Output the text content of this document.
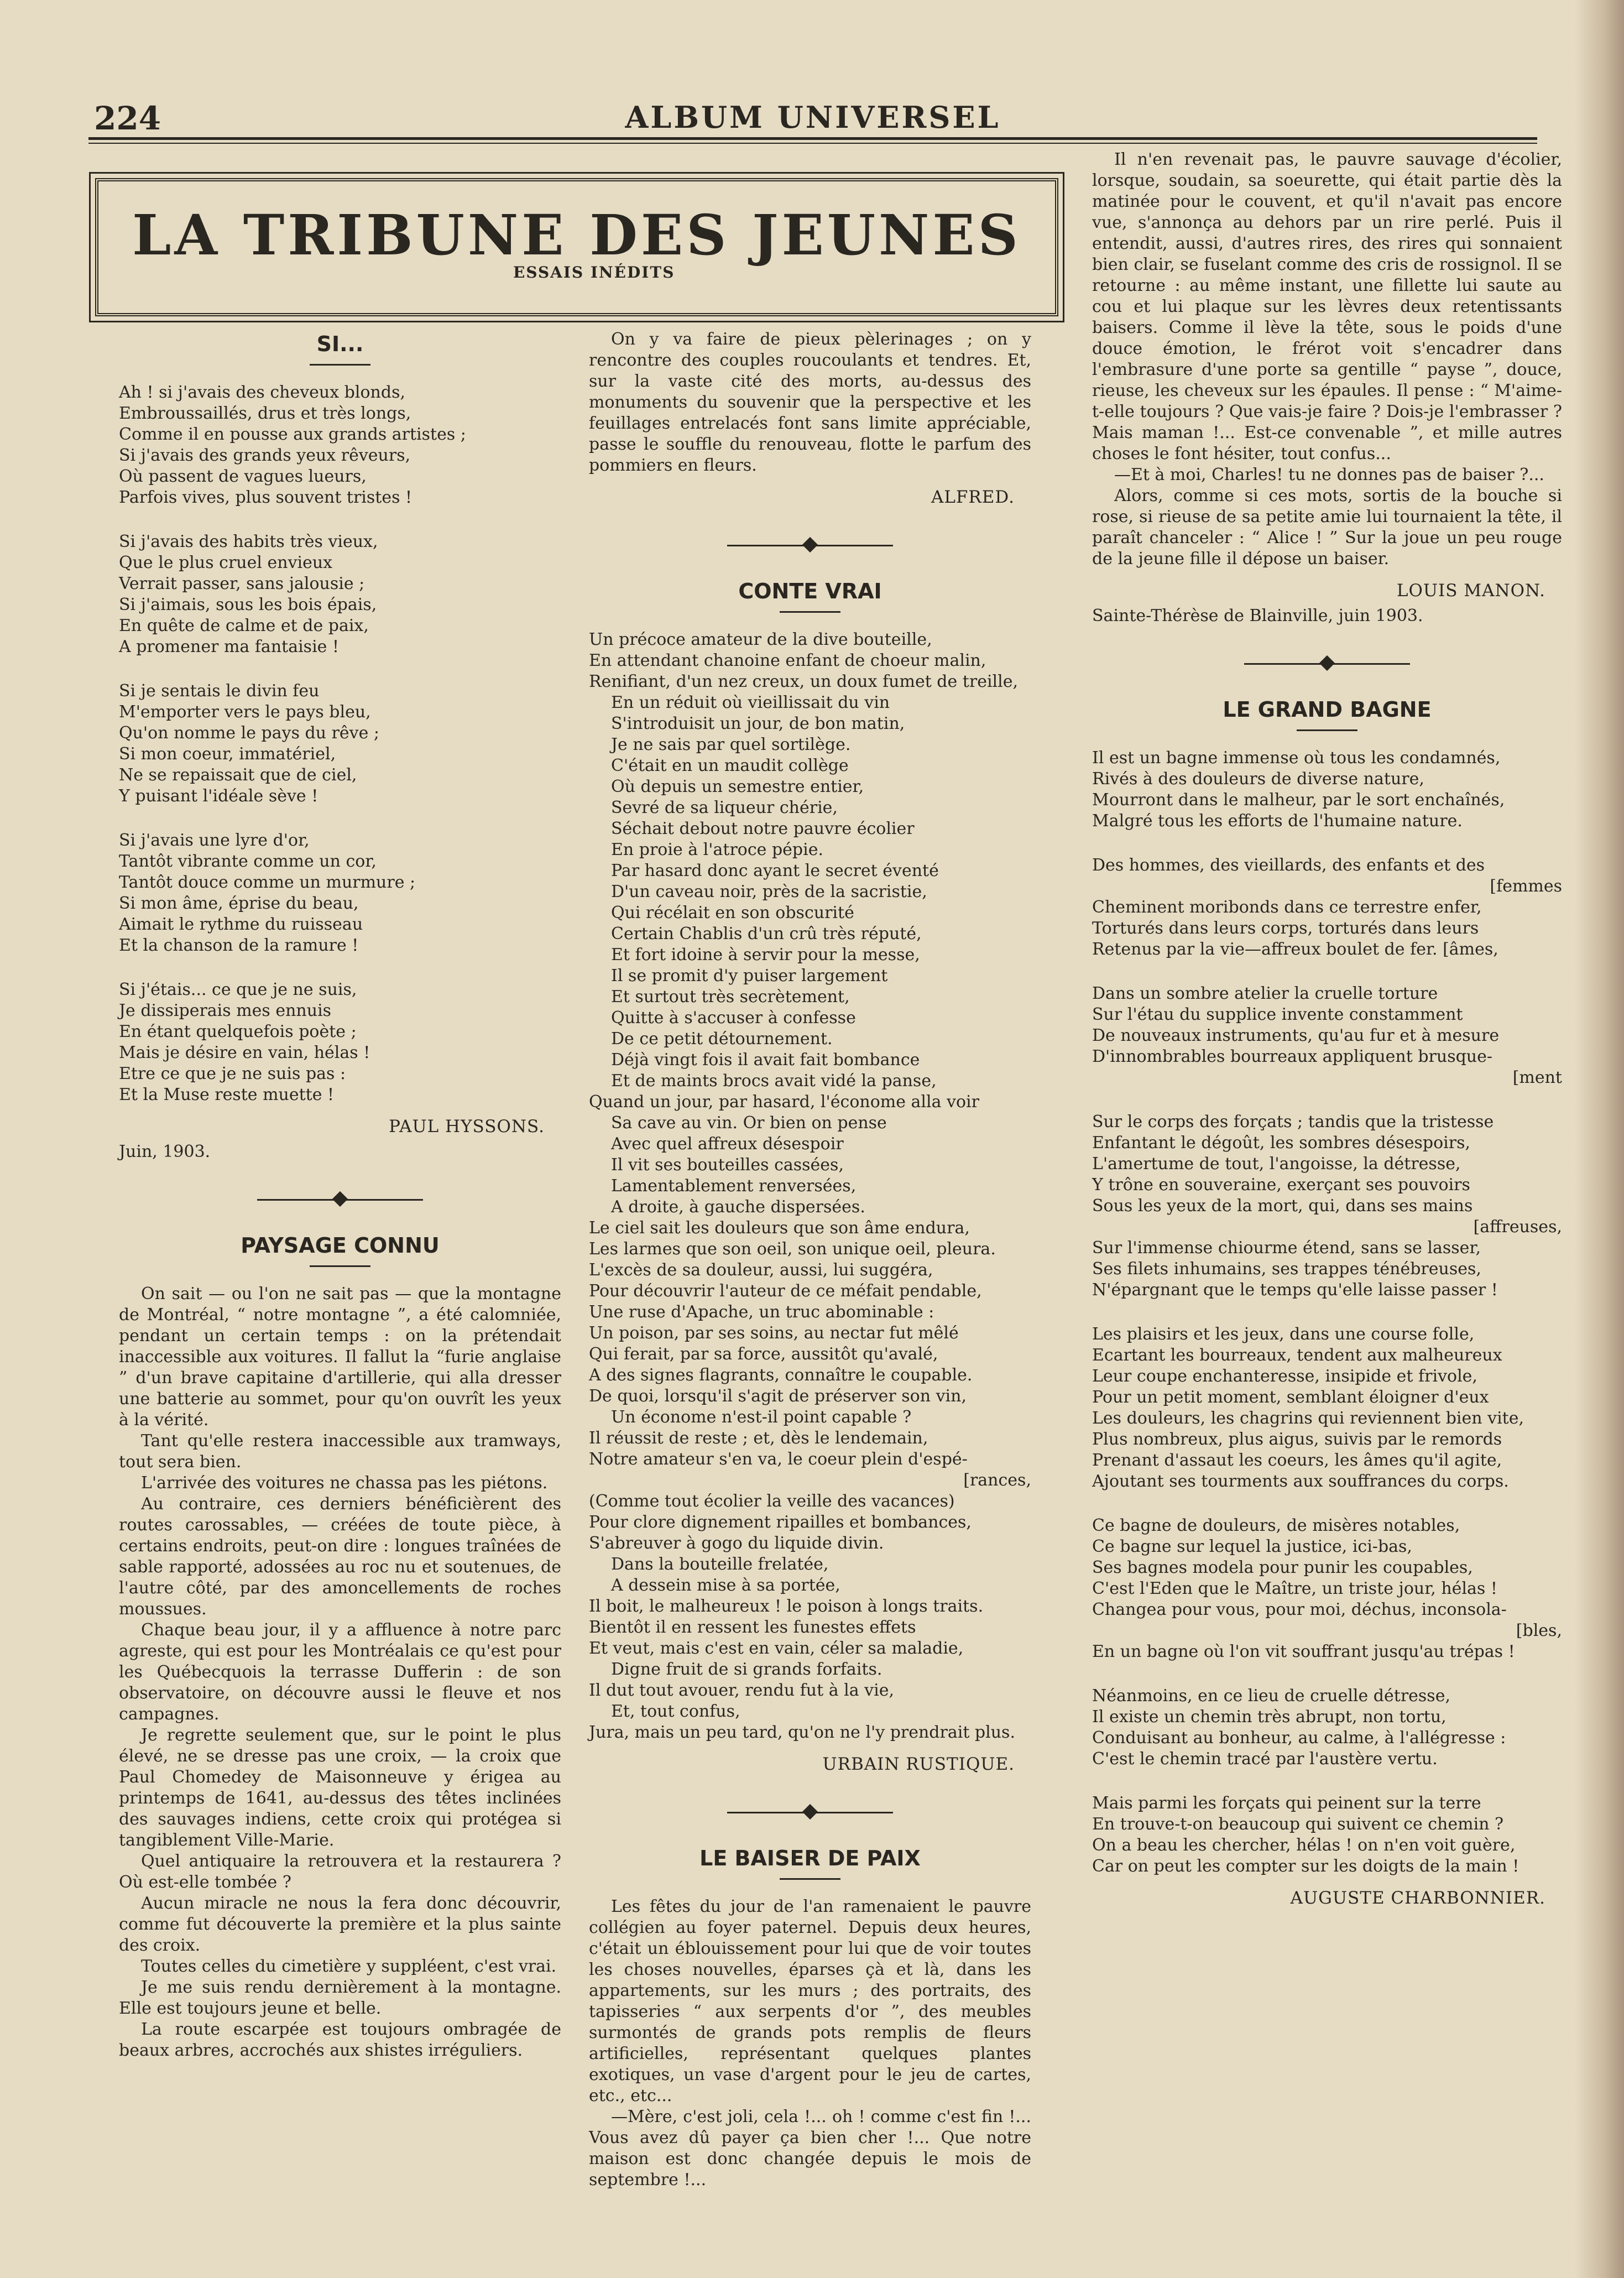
224	ALBUM UNIVERSEL
LA TRIBUNE DES JEUNES
ESSAIS INÉDITS
SI...

Ah ! si j'avais des cheveux blonds,

Embroussaillés, drus et très longs,

Comme il en pousse aux grands artistes ;

Si j'avais des grands yeux rêveurs,

Où passent de vagues lueurs,

Parfois vives, plus souvent tristes !

Si j'avais des habits très vieux,

Que le plus cruel envieux

Verrait passer, sans jalousie ;

Si j'aimais, sous les bois épais,

En quête de calme et de paix,

A promener ma fantaisie !

Si je sentais le divin feu

M'emporter vers le pays bleu,

Qu'on nomme le pays du rêve ;

Si mon coeur, immatériel,

Ne se repaissait que de ciel,

Y puisant l'idéale sève !

Si j'avais une lyre d'or,

Tantôt vibrante comme un cor,

Tantôt douce comme un murmure ;

Si mon âme, éprise du beau,

Aimait le rythme du ruisseau

Et la chanson de la ramure !

Si j'étais... ce que je ne suis,

Je dissiperais mes ennuis

En étant quelquefois poète ;

Mais je désire en vain, hélas !

Etre ce que je ne suis pas :

Et la Muse reste muette !

PAUL HYSSONS.
Juin, 1903.
PAYSAGE CONNU

On sait — ou l'on ne sait pas — que la montagne de Montréal, “ notre montagne ”, a été calomniée, pendant un certain temps : on la prétendait inaccessible aux voitures. Il fallut la “furie anglaise ” d'un brave capitaine d'artillerie, qui alla dresser une batterie au sommet, pour qu'on ouvrît les yeux à la vérité.

Tant qu'elle restera inaccessible aux tramways, tout sera bien.

L'arrivée des voitures ne chassa pas les piétons.

Au contraire, ces derniers bénéficièrent des routes carossables, — créées de toute pièce, à certains endroits, peut-on dire : longues traînées de sable rapporté, adossées au roc nu et soutenues, de l'autre côté, par des amoncellements de roches moussues.

Chaque beau jour, il y a affluence à notre parc agreste, qui est pour les Montréalais ce qu'est pour les Québecquois la terrasse Dufferin : de son observatoire, on découvre aussi le fleuve et nos campagnes.

Je regrette seulement que, sur le point le plus élevé, ne se dresse pas une croix, — la croix que Paul Chomedey de Maisonneuve y érigea au printemps de 1641, au-dessus des têtes inclinées des sauvages indiens, cette croix qui protégea si tangiblement Ville-Marie.

Quel antiquaire la retrouvera et la restaurera ? Où est-elle tombée ?

Aucun miracle ne nous la fera donc découvrir, comme fut découverte la première et la plus sainte des croix.

Toutes celles du cimetière y suppléent, c'est vrai.

Je me suis rendu dernièrement à la montagne. Elle est toujours jeune et belle.

La route escarpée est toujours ombragée de beaux arbres, accrochés aux shistes irréguliers.

On y va faire de pieux pèlerinages ; on y rencontre des couples roucoulants et tendres. Et, sur la vaste cité des morts, au-dessus des monuments du souvenir que la perspective et les feuillages entrelacés font sans limite appréciable, passe le souffle du renouveau, flotte le parfum des pommiers en fleurs.

ALFRED.
CONTE VRAI

Un précoce amateur de la dive bouteille,

En attendant chanoine enfant de choeur malin,

Renifiant, d'un nez creux, un doux fumet de treille,

En un réduit où vieillissait du vin

S'introduisit un jour, de bon matin,

Je ne sais par quel sortilège.

C'était en un maudit collège

Où depuis un semestre entier,

Sevré de sa liqueur chérie,

Séchait debout notre pauvre écolier

En proie à l'atroce pépie.

Par hasard donc ayant le secret éventé

D'un caveau noir, près de la sacristie,

Qui récélait en son obscurité

Certain Chablis d'un crû très réputé,

Et fort idoine à servir pour la messe,

Il se promit d'y puiser largement

Et surtout très secrètement,

Quitte à s'accuser à confesse

De ce petit détournement.

Déjà vingt fois il avait fait bombance

Et de maints brocs avait vidé la panse,

Quand un jour, par hasard, l'économe alla voir

Sa cave au vin. Or bien on pense

Avec quel affreux désespoir

Il vit ses bouteilles cassées,

Lamentablement renversées,

A droite, à gauche dispersées.

Le ciel sait les douleurs que son âme endura,

Les larmes que son oeil, son unique oeil, pleura.

L'excès de sa douleur, aussi, lui suggéra,

Pour découvrir l'auteur de ce méfait pendable,

Une ruse d'Apache, un truc abominable :

Un poison, par ses soins, au nectar fut mêlé

Qui ferait, par sa force, aussitôt qu'avalé,

A des signes flagrants, connaître le coupable.

De quoi, lorsqu'il s'agit de préserver son vin,

Un économe n'est-il point capable ?

Il réussit de reste ; et, dès le lendemain,

Notre amateur s'en va, le coeur plein d'espé-

[rances,

(Comme tout écolier la veille des vacances)

Pour clore dignement ripailles et bombances,

S'abreuver à gogo du liquide divin.

Dans la bouteille frelatée,

A dessein mise à sa portée,

Il boit, le malheureux ! le poison à longs traits.

Bientôt il en ressent les funestes effets

Et veut, mais c'est en vain, céler sa maladie,

Digne fruit de si grands forfaits.

Il dut tout avouer, rendu fut à la vie,

Et, tout confus,

Jura, mais un peu tard, qu'on ne l'y prendrait plus.

URBAIN RUSTIQUE.
LE BAISER DE PAIX

Les fêtes du jour de l'an ramenaient le pauvre collégien au foyer paternel. Depuis deux heures, c'était un éblouissement pour lui que de voir toutes les choses nouvelles, éparses çà et là, dans les appartements, sur les murs ; des portraits, des tapisseries “ aux serpents d'or ”, des meubles surmontés de grands pots remplis de fleurs artificielles, représentant quelques plantes exotiques, un vase d'argent pour le jeu de cartes, etc., etc...

—Mère, c'est joli, cela !... oh ! comme c'est fin !... Vous avez dû payer ça bien cher !... Que notre maison est donc changée depuis le mois de septembre !...

Il n'en revenait pas, le pauvre sauvage d'écolier, lorsque, soudain, sa soeurette, qui était partie dès la matinée pour le couvent, et qu'il n'avait pas encore vue, s'annonça au dehors par un rire perlé. Puis il entendit, aussi, d'autres rires, des rires qui sonnaient bien clair, se fuselant comme des cris de rossignol. Il se retourne : au même instant, une fillette lui saute au cou et lui plaque sur les lèvres deux retentissants baisers. Comme il lève la tête, sous le poids d'une douce émotion, le frérot voit s'encadrer dans l'embrasure d'une porte sa gentille “ payse ”, douce, rieuse, les cheveux sur les épaules. Il pense : “ M'aime-t-elle toujours ? Que vais-je faire ? Dois-je l'embrasser ? Mais maman !... Est-ce convenable ”, et mille autres choses le font hésiter, tout confus...

—Et à moi, Charles! tu ne donnes pas de baiser ?...

Alors, comme si ces mots, sortis de la bouche si rose, si rieuse de sa petite amie lui tournaient la tête, il paraît chanceler : “ Alice ! ” Sur la joue un peu rouge de la jeune fille il dépose un baiser.

LOUIS MANON.
Sainte-Thérèse de Blainville, juin 1903.
LE GRAND BAGNE

Il est un bagne immense où tous les condamnés,

Rivés à des douleurs de diverse nature,

Mourront dans le malheur, par le sort enchaînés,

Malgré tous les efforts de l'humaine nature.

Des hommes, des vieillards, des enfants et des

[femmes

Cheminent moribonds dans ce terrestre enfer,

Torturés dans leurs corps, torturés dans leurs

Retenus par la vie—affreux boulet de fer. [âmes,

Dans un sombre atelier la cruelle torture

Sur l'étau du supplice invente constamment

De nouveaux instruments, qu'au fur et à mesure

D'innombrables bourreaux appliquent brusque-

[ment

Sur le corps des forçats ; tandis que la tristesse

Enfantant le dégoût, les sombres désespoirs,

L'amertume de tout, l'angoisse, la détresse,

Y trône en souveraine, exerçant ses pouvoirs

Sous les yeux de la mort, qui, dans ses mains

[affreuses,

Sur l'immense chiourme étend, sans se lasser,

Ses filets inhumains, ses trappes ténébreuses,

N'épargnant que le temps qu'elle laisse passer !

Les plaisirs et les jeux, dans une course folle,

Ecartant les bourreaux, tendent aux malheureux

Leur coupe enchanteresse, insipide et frivole,

Pour un petit moment, semblant éloigner d'eux

Les douleurs, les chagrins qui reviennent bien vite,

Plus nombreux, plus aigus, suivis par le remords

Prenant d'assaut les coeurs, les âmes qu'il agite,

Ajoutant ses tourments aux souffrances du corps.

Ce bagne de douleurs, de misères notables,

Ce bagne sur lequel la justice, ici-bas,

Ses bagnes modela pour punir les coupables,

C'est l'Eden que le Maître, un triste jour, hélas !

Changea pour vous, pour moi, déchus, inconsola-

[bles,

En un bagne où l'on vit souffrant jusqu'au trépas !

Néanmoins, en ce lieu de cruelle détresse,

Il existe un chemin très abrupt, non tortu,

Conduisant au bonheur, au calme, à l'allégresse :

C'est le chemin tracé par l'austère vertu.

Mais parmi les forçats qui peinent sur la terre

En trouve-t-on beaucoup qui suivent ce chemin ?

On a beau les chercher, hélas ! on n'en voit guère,

Car on peut les compter sur les doigts de la main !

AUGUSTE CHARBONNIER.
